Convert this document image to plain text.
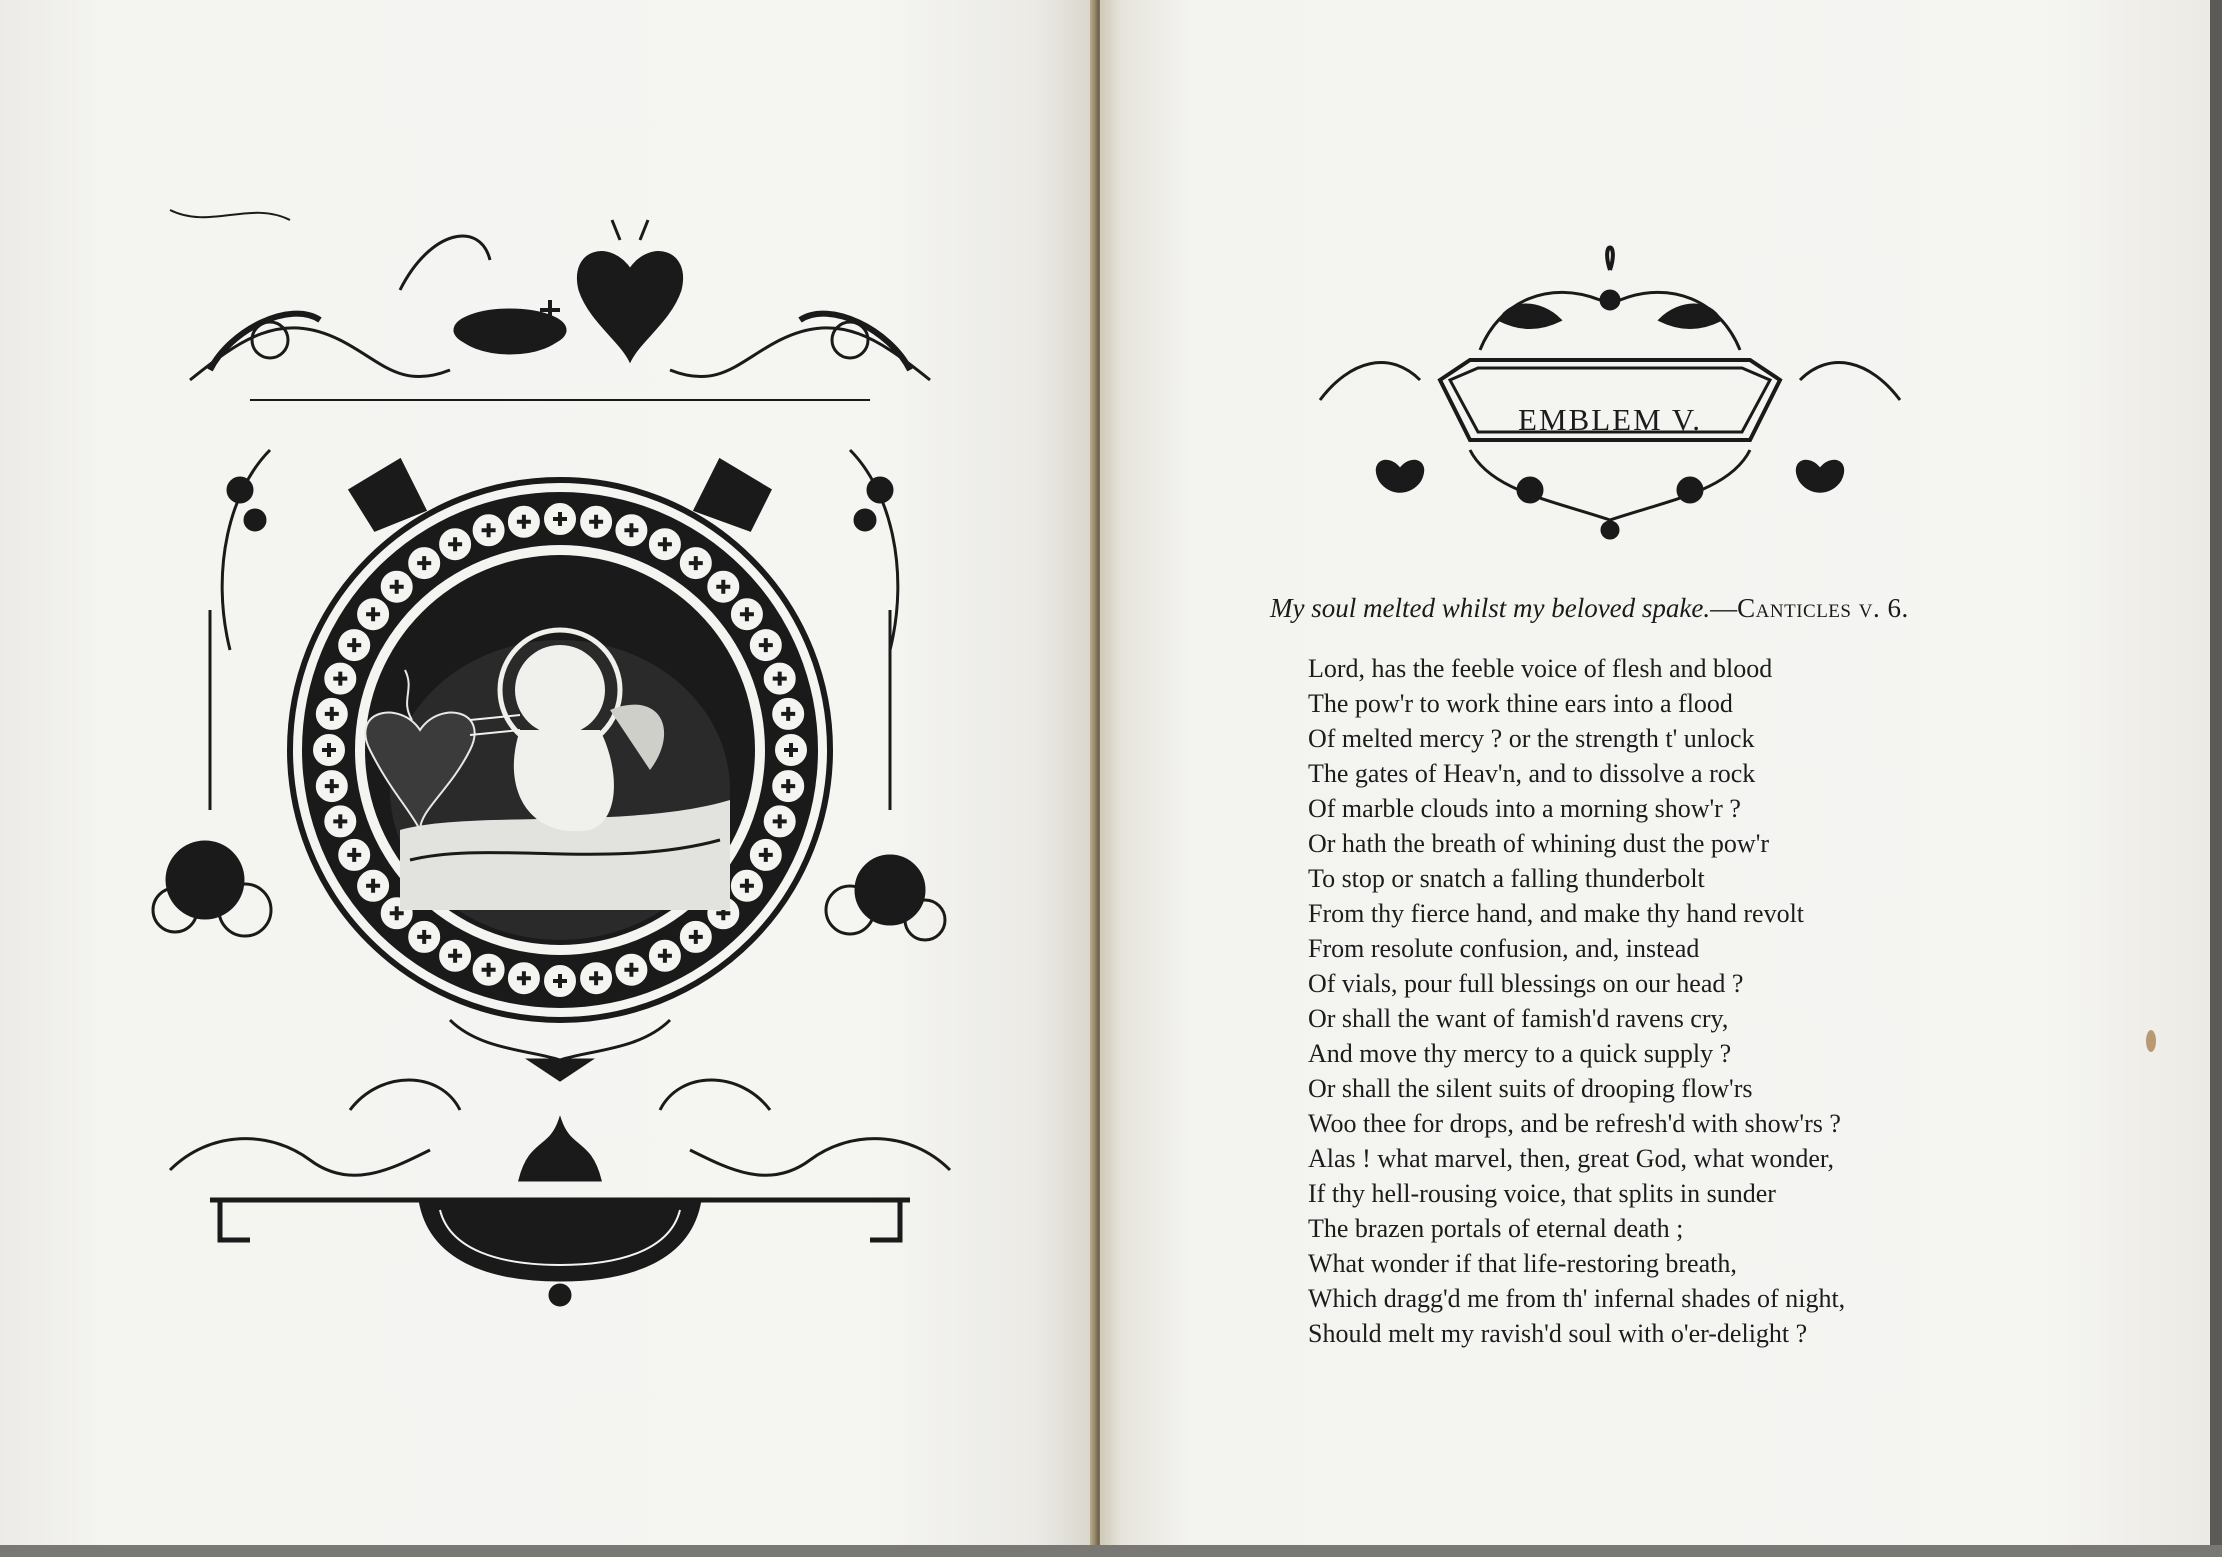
EMBLEM V.
My soul melted whilst my beloved spake.—Canticles v. 6.
Lord, has the feeble voice of flesh and blood
The pow'r to work thine ears into a flood
Of melted mercy ? or the strength t' unlock
The gates of Heav'n, and to dissolve a rock
Of marble clouds into a morning show'r ?
Or hath the breath of whining dust the pow'r
To stop or snatch a falling thunderbolt
From thy fierce hand, and make thy hand revolt
From resolute confusion, and, instead
Of vials, pour full blessings on our head ?
Or shall the want of famish'd ravens cry,
And move thy mercy to a quick supply ?
Or shall the silent suits of drooping flow'rs
Woo thee for drops, and be refresh'd with show'rs ?
Alas ! what marvel, then, great God, what wonder,
If thy hell-rousing voice, that splits in sunder
The brazen portals of eternal death ;
What wonder if that life-restoring breath,
Which dragg'd me from th' infernal shades of night,
Should melt my ravish'd soul with o'er-delight ?
